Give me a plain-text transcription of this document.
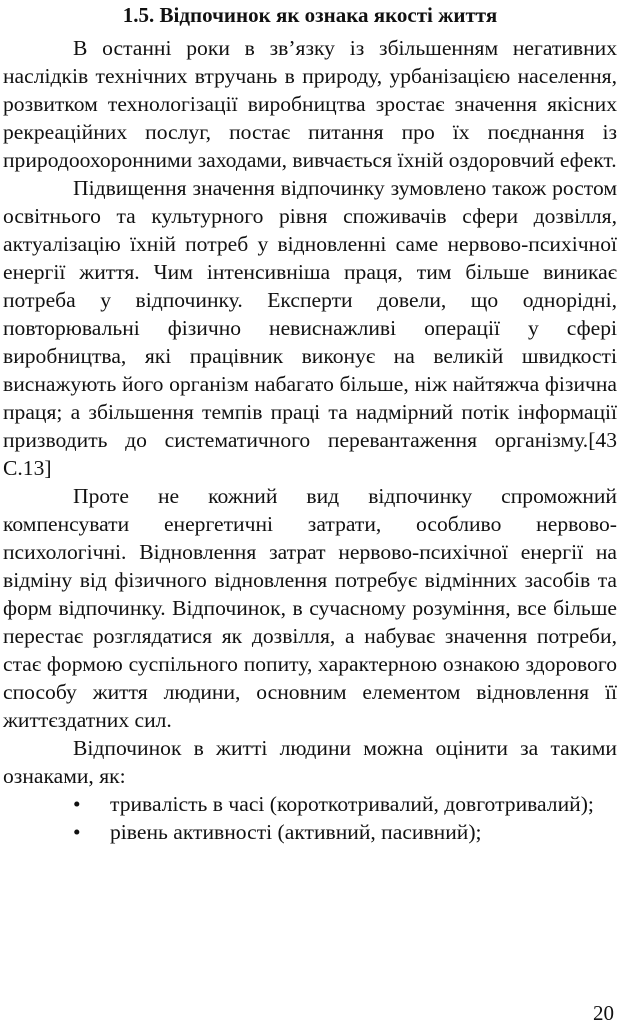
1.5. Відпочинок як ознака якості життя

В останні роки в зв’язку із збільшенням негативних наслідків технічних втручань в природу, урбанізацією населення, розвитком технологізації виробництва зростає значення якісних рекреаційних послуг, постає питання про їх поєднання із природоохоронними заходами, вивчається їхній оздоровчий ефект.

Підвищення значення відпочинку зумовлено також ростом освітнього та культурного рівня споживачів сфери дозвілля, актуалізацію їхній потреб у відновленні саме нервово-психічної енергії життя. Чим інтенсивніша праця, тим більше виникає потреба у відпочинку. Експерти довели, що однорідні, повторювальні фізично невиснажливі операції у сфері виробництва, які працівник виконує на великій швидкості виснажують його організм набагато більше, ніж найтяжча фізична праця; а збільшення темпів праці та надмірний потік інформації призводить до систематичного перевантаження організму.[43 С.13]

Проте не кожний вид відпочинку спроможний компенсувати енергетичні затрати, особливо нервово-психологічні. Відновлення затрат нервово-психічної енергії на відміну від фізичного відновлення потребує відмінних засобів та форм відпочинку. Відпочинок, в сучасному розуміння, все більше перестає розглядатися як дозвілля, а набуває значення потреби, стає формою суспільного попиту, характерною ознакою здорового способу життя людини, основним елементом відновлення її життєздатних сил.

Відпочинок в житті людини можна оцінити за такими ознаками, як:

• тривалість в часі (короткотривалий, довготривалий);
• рівень активності (активний, пасивний);
20
